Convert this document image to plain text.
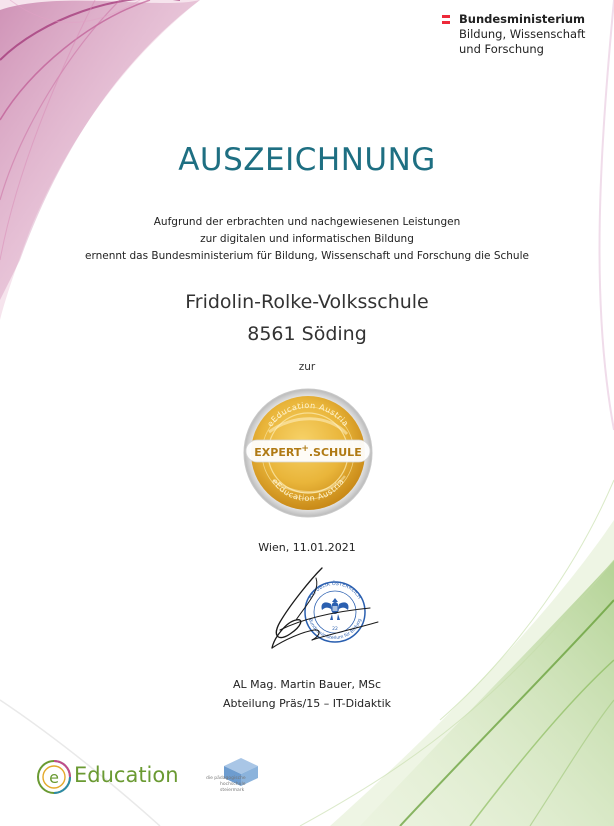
Bundesministerium
Bildung, Wissenschaft
und Forschung
AUSZEICHNUNG
Aufgrund der erbrachten und nachgewiesenen Leistungen
zur digitalen und informatischen Bildung
ernennt das Bundesministerium für Bildung, Wissenschaft und Forschung die Schule
Fridolin-Rolke-Volksschule
8561 Söding
zur
eEducation Austria
eEducation Austria
EXPERT+.SCHULE
Wien, 11.01.2021
REPUBLIK ÖSTERREICH
Bundesministerium für Bildung
22
AL Mag. Martin Bauer, MSc
Abteilung Präs/15 – IT-Didaktik
e Education	die pädagogische
hochschule
steiermark
